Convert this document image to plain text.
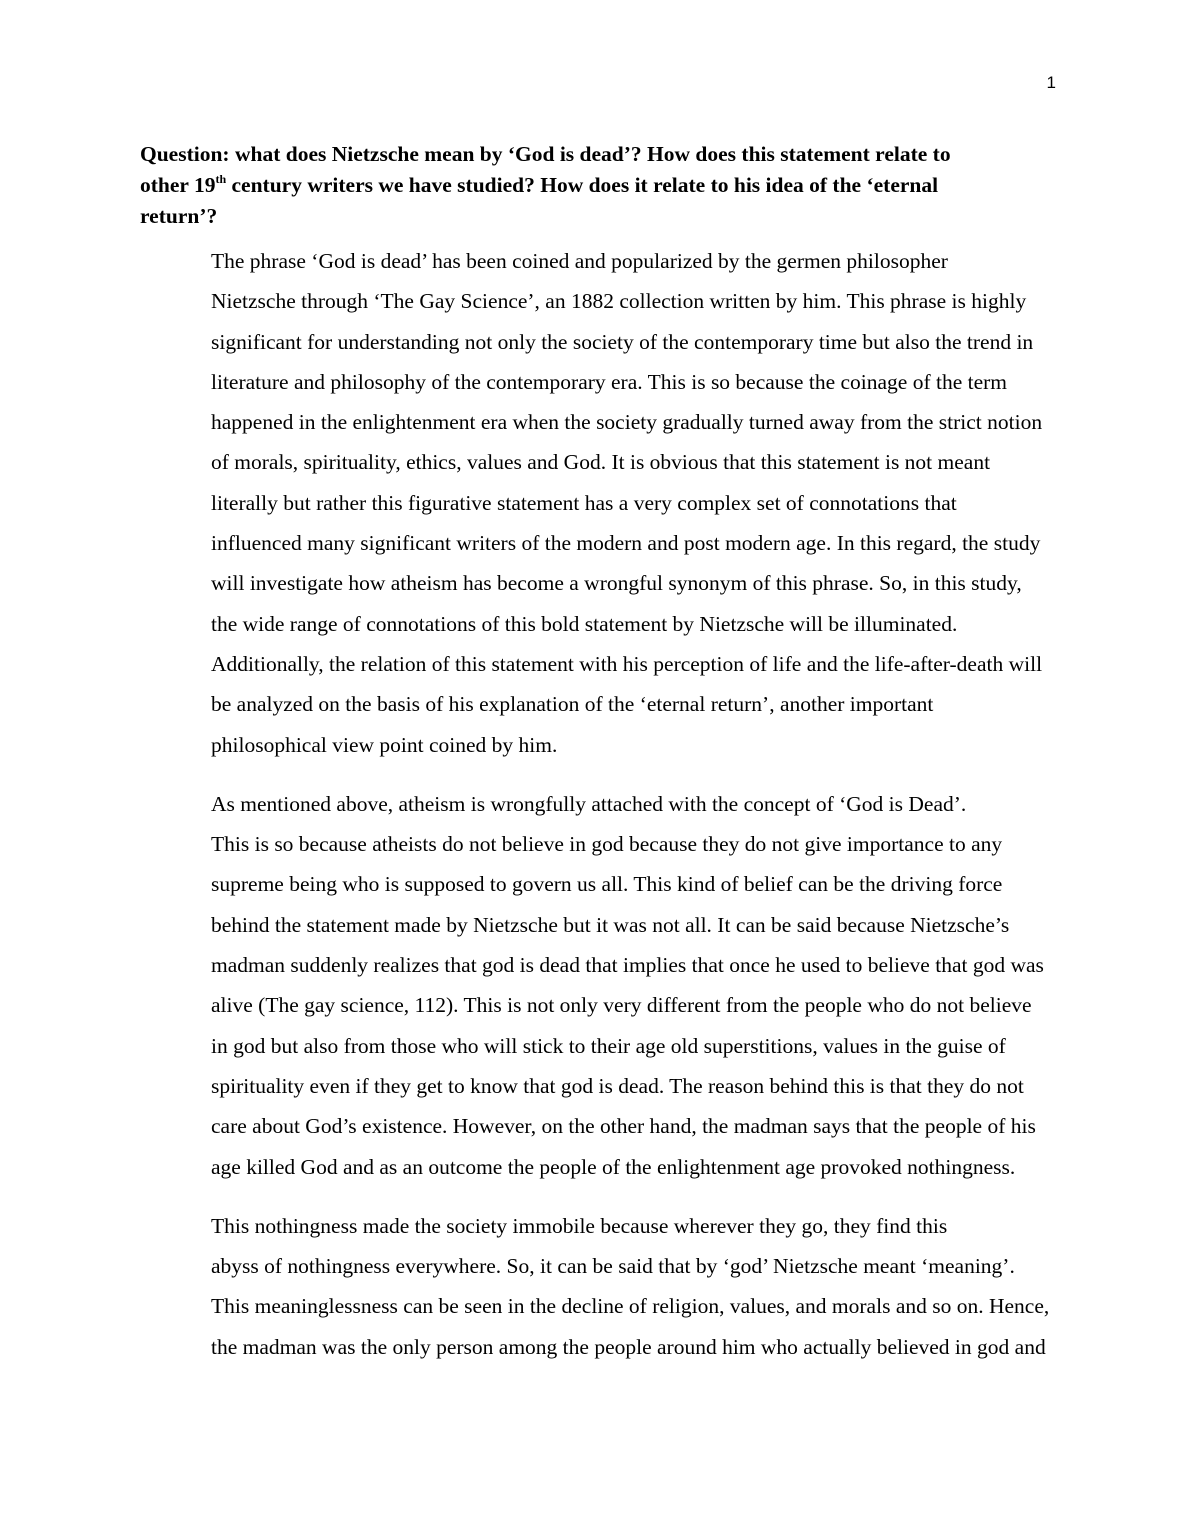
1
Question: what does Nietzsche mean by ‘God is dead’? How does this statement relate to
other 19th century writers we have studied? How does it relate to his idea of the ‘eternal
return’?
The phrase ‘God is dead’ has been coined and popularized by the germen philosopher
Nietzsche through ‘The Gay Science’, an 1882 collection written by him. This phrase is highly
significant for understanding not only the society of the contemporary time but also the trend in
literature and philosophy of the contemporary era. This is so because the coinage of the term
happened in the enlightenment era when the society gradually turned away from the strict notion
of morals, spirituality, ethics, values and God. It is obvious that this statement is not meant
literally but rather this figurative statement has a very complex set of connotations that
influenced many significant writers of the modern and post modern age. In this regard, the study
will investigate how atheism has become a wrongful synonym of this phrase. So, in this study,
the wide range of connotations of this bold statement by Nietzsche will be illuminated.
Additionally, the relation of this statement with his perception of life and the life-after-death will
be analyzed on the basis of his explanation of the ‘eternal return’, another important
philosophical view point coined by him.
As mentioned above, atheism is wrongfully attached with the concept of ‘God is Dead’.
This is so because atheists do not believe in god because they do not give importance to any
supreme being who is supposed to govern us all. This kind of belief can be the driving force
behind the statement made by Nietzsche but it was not all. It can be said because Nietzsche’s
madman suddenly realizes that god is dead that implies that once he used to believe that god was
alive (The gay science, 112). This is not only very different from the people who do not believe
in god but also from those who will stick to their age old superstitions, values in the guise of
spirituality even if they get to know that god is dead. The reason behind this is that they do not
care about God’s existence. However, on the other hand, the madman says that the people of his
age killed God and as an outcome the people of the enlightenment age provoked nothingness.
This nothingness made the society immobile because wherever they go, they find this
abyss of nothingness everywhere. So, it can be said that by ‘god’ Nietzsche meant ‘meaning’.
This meaninglessness can be seen in the decline of religion, values, and morals and so on. Hence,
the madman was the only person among the people around him who actually believed in god and
